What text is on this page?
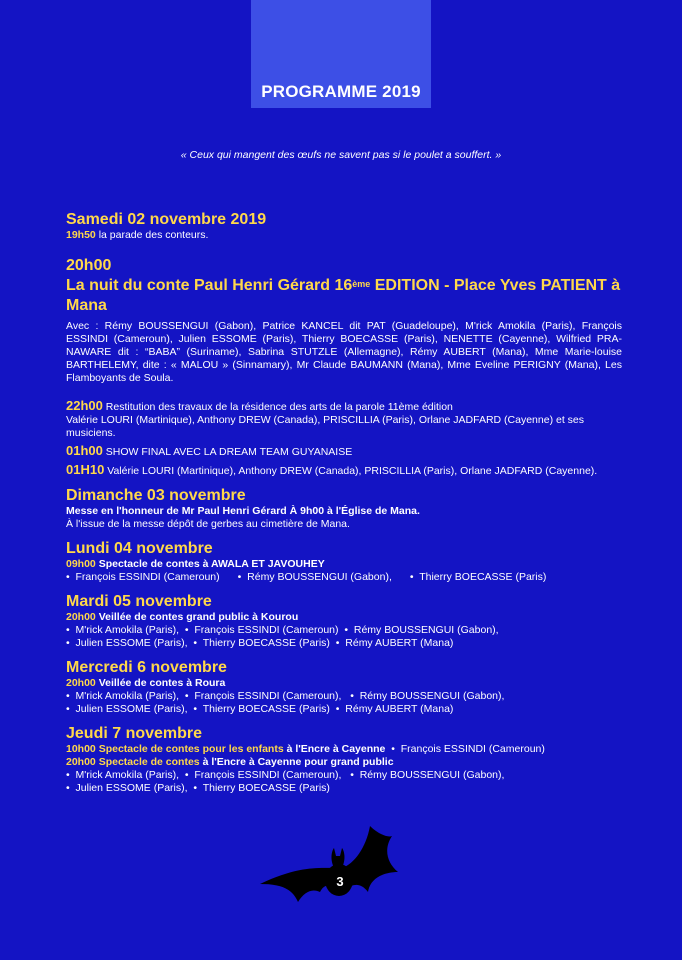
PROGRAMME 2019
« Ceux qui mangent des œufs ne savent pas si le poulet a souffert. »
Samedi 02 novembre 2019
19h50 la parade des conteurs.
20h00
La nuit du conte Paul Henri Gérard 16ème EDITION - Place Yves PATIENT à Mana
Avec : Rémy BOUSSENGUI (Gabon), Patrice KANCEL dit PAT (Guadeloupe), M'rick Amokila (Paris), François ESSINDI (Cameroun), Julien ESSOME (Paris), Thierry BOECASSE (Paris), NENETTE (Cayenne), Wilfried PRA-NAWARE dit : “BABA” (Suriname), Sabrina STUTZLE (Allemagne), Rémy AUBERT (Mana), Mme Marie-louise BARTHELEMY, dite : « MALOU » (Sinnamary), Mr Claude BAUMANN (Mana), Mme Eveline PERIGNY (Mana), Les Flamboyants de Soula.
22h00 Restitution des travaux de la résidence des arts de la parole 11ème édition
Valérie LOURI (Martinique), Anthony DREW (Canada), PRISCILLIA (Paris), Orlane JADFARD (Cayenne) et ses musiciens.
01h00 SHOW FINAL AVEC LA DREAM TEAM GUYANAISE
01H10 Valérie LOURI (Martinique), Anthony DREW (Canada), PRISCILLIA (Paris), Orlane JADFARD (Cayenne).
Dimanche 03 novembre
Messe en l'honneur de Mr Paul Henri Gérard À 9h00 à l'Église de Mana.
À l'issue de la messe dépôt de gerbes au cimetière de Mana.
Lundi 04 novembre
09h00 Spectacle de contes à AWALA ET JAVOUHEY
•  François ESSINDI (Cameroun) •  Rémy BOUSSENGUI (Gabon), •  Thierry BOECASSE (Paris)
Mardi 05 novembre
20h00 Veillée de contes grand public à Kourou
•  M'rick Amokila (Paris),  •  François ESSINDI (Cameroun)  •  Rémy BOUSSENGUI (Gabon),
•  Julien ESSOME (Paris),  •  Thierry BOECASSE (Paris)  •  Rémy AUBERT (Mana)
Mercredi 6 novembre
20h00 Veillée de contes à Roura
•  M'rick Amokila (Paris),  •  François ESSINDI (Cameroun),   •  Rémy BOUSSENGUI (Gabon),
•  Julien ESSOME (Paris),  •  Thierry BOECASSE (Paris)  •  Rémy AUBERT (Mana)
Jeudi 7 novembre
10h00 Spectacle de contes pour les enfants à l'Encre à Cayenne  •  François ESSINDI (Cameroun)
20h00 Spectacle de contes à l'Encre à Cayenne pour grand public
•  M'rick Amokila (Paris),  •  François ESSINDI (Cameroun),   •  Rémy BOUSSENGUI (Gabon),
•  Julien ESSOME (Paris),  •  Thierry BOECASSE (Paris)
3
